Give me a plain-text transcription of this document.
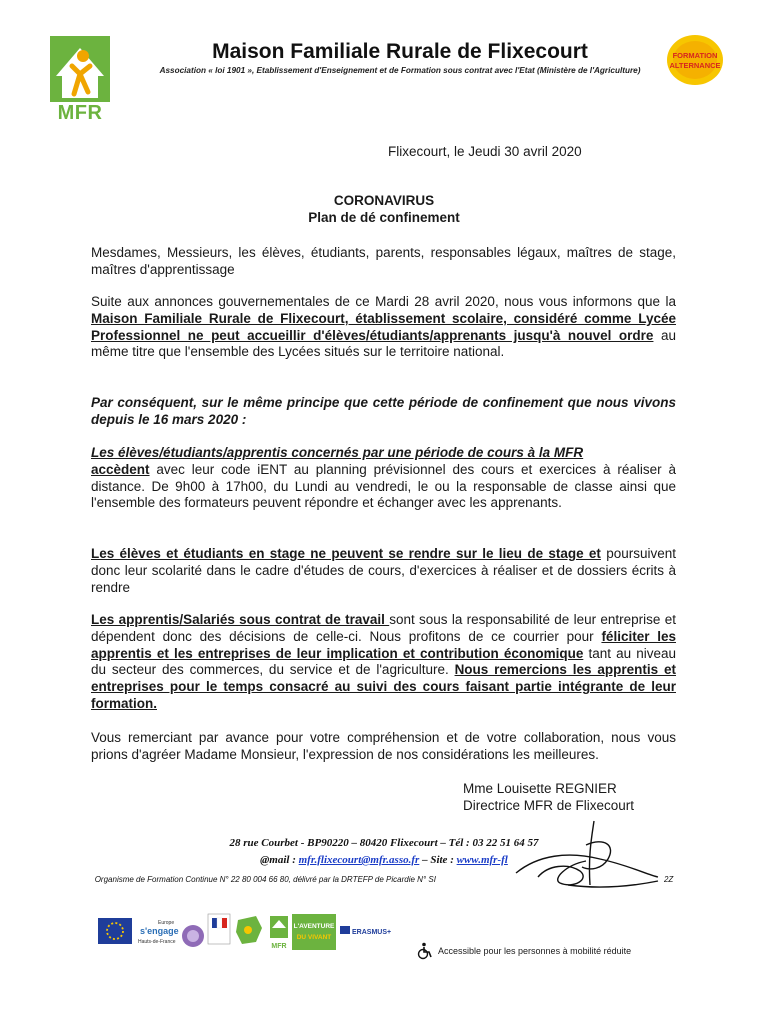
MFR
Maison Familiale Rurale de Flixecourt
Association « loi 1901 », Etablissement d'Enseignement et de Formation sous contrat avec l'Etat (Ministère de l'Agriculture)
FORMATION
ALTERNANCE
Flixecourt, le Jeudi 30 avril 2020
CORONAVIRUS
Plan de dé confinement
Mesdames, Messieurs, les élèves, étudiants, parents, responsables légaux, maîtres de stage, maîtres d'apprentissage
Suite aux annonces gouvernementales de ce Mardi 28 avril 2020, nous vous informons que la Maison Familiale Rurale de Flixecourt, établissement scolaire, considéré comme Lycée Professionnel ne peut accueillir d'élèves/étudiants/apprenants jusqu'à nouvel ordre au même titre que l'ensemble des Lycées situés sur le territoire national.
Par conséquent, sur le même principe que cette période de confinement que nous vivons depuis le 16 mars 2020 :
Les élèves/étudiants/apprentis concernés par une période de cours à la MFR
accèdent avec leur code iENT au planning prévisionnel des cours et exercices à réaliser à distance. De 9h00 à 17h00, du Lundi au vendredi, le ou la responsable de classe ainsi que l'ensemble des formateurs peuvent répondre et échanger avec les apprenants.
Les élèves et étudiants en stage ne peuvent se rendre sur le lieu de stage et poursuivent donc leur scolarité dans le cadre d'études de cours, d'exercices à réaliser et de dossiers écrits à rendre
Les apprentis/Salariés sous contrat de travail sont sous la responsabilité de leur entreprise et dépendent donc des décisions de celle-ci. Nous profitons de ce courrier pour féliciter les apprentis et les entreprises de leur implication et contribution économique tant au niveau du secteur des commerces, du service et de l'agriculture. Nous remercions les apprentis et entreprises pour le temps consacré au suivi des cours faisant partie intégrante de leur formation.
Vous remerciant par avance pour votre compréhension et de votre collaboration, nous vous prions d'agréer Madame Monsieur, l'expression de nos considérations les meilleures.
Mme Louisette REGNIER
Directrice MFR de Flixecourt
28 rue Courbet - BP90220 – 80420 Flixecourt – Tél : 03 22 51 64 57
@mail : mfr.flixecourt@mfr.asso.fr – Site : www.mfr-fl
Organisme de Formation Continue N° 22 80 004 66 80, délivré par la DRTEFP de Picardie N° SI	2Z
Europe
s'engage
Hauts-de-France
MFR
L'AVENTURE
DU VIVANT
ERASMUS+
Accessible pour les personnes à mobilité réduite
